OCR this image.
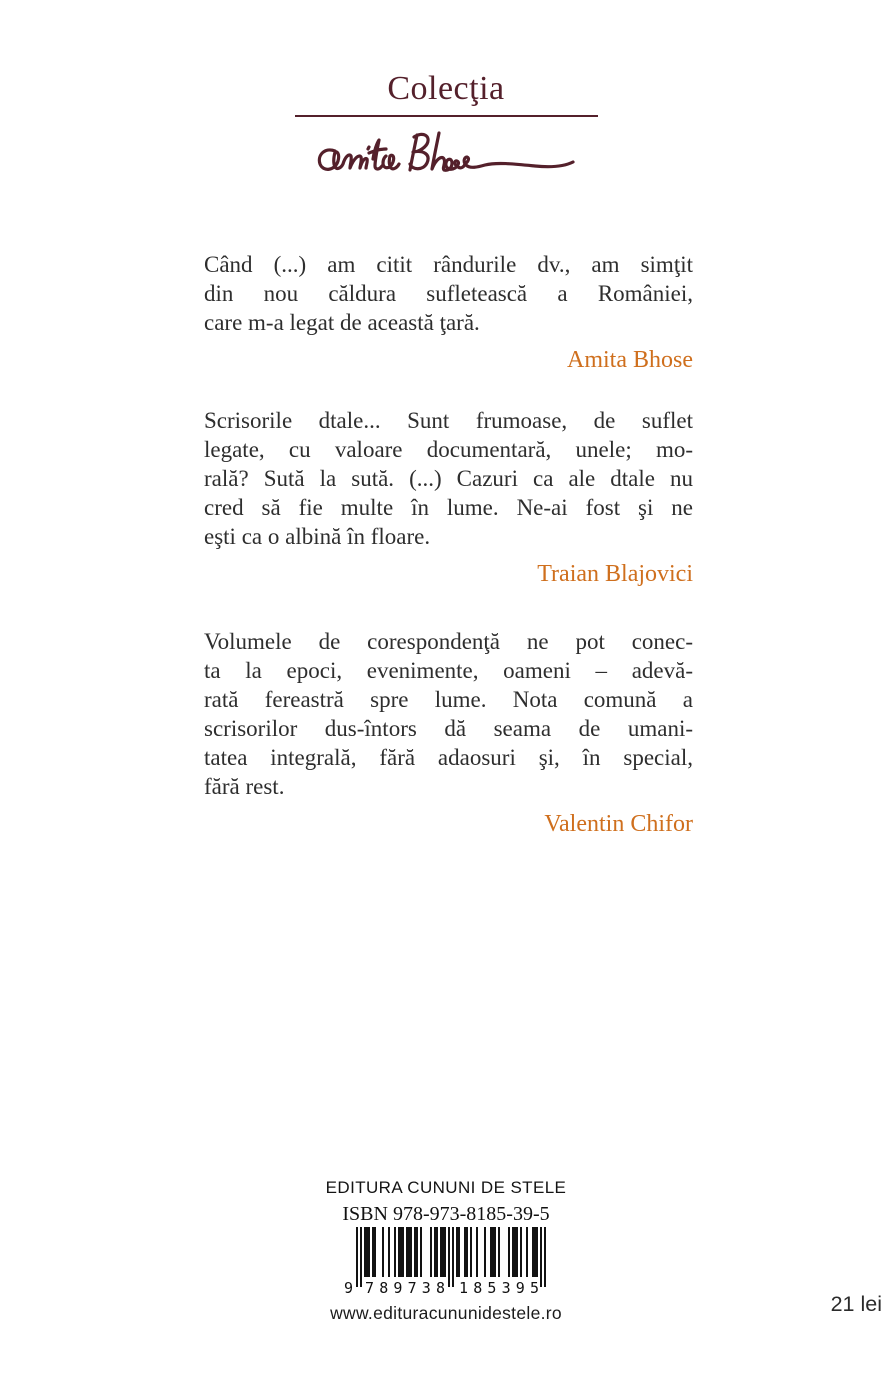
Colecţia
Când (...) am citit rândurile dv., am simţit
din nou căldura sufletească a României,
care m-a legat de această ţară.
Amita Bhose
Scrisorile dtale... Sunt frumoase, de suflet
legate, cu valoare documentară, unele; mo-
rală? Sută la sută. (...) Cazuri ca ale dtale nu
cred să fie multe în lume. Ne-ai fost şi ne
eşti ca o albină în floare.
Traian Blajovici
Volumele de corespondenţă ne pot conec-
ta la epoci, evenimente, oameni – adevă-
rată fereastră spre lume. Nota comună a
scrisorilor dus-întors dă seama de umani-
tatea integrală, fără adaosuri şi, în special,
fără rest.
Valentin Chifor
EDITURA CUNUNI DE STELE
ISBN 978-973-8185-39-5
9 789738 185395
www.edituracununidestele.ro	21 lei
